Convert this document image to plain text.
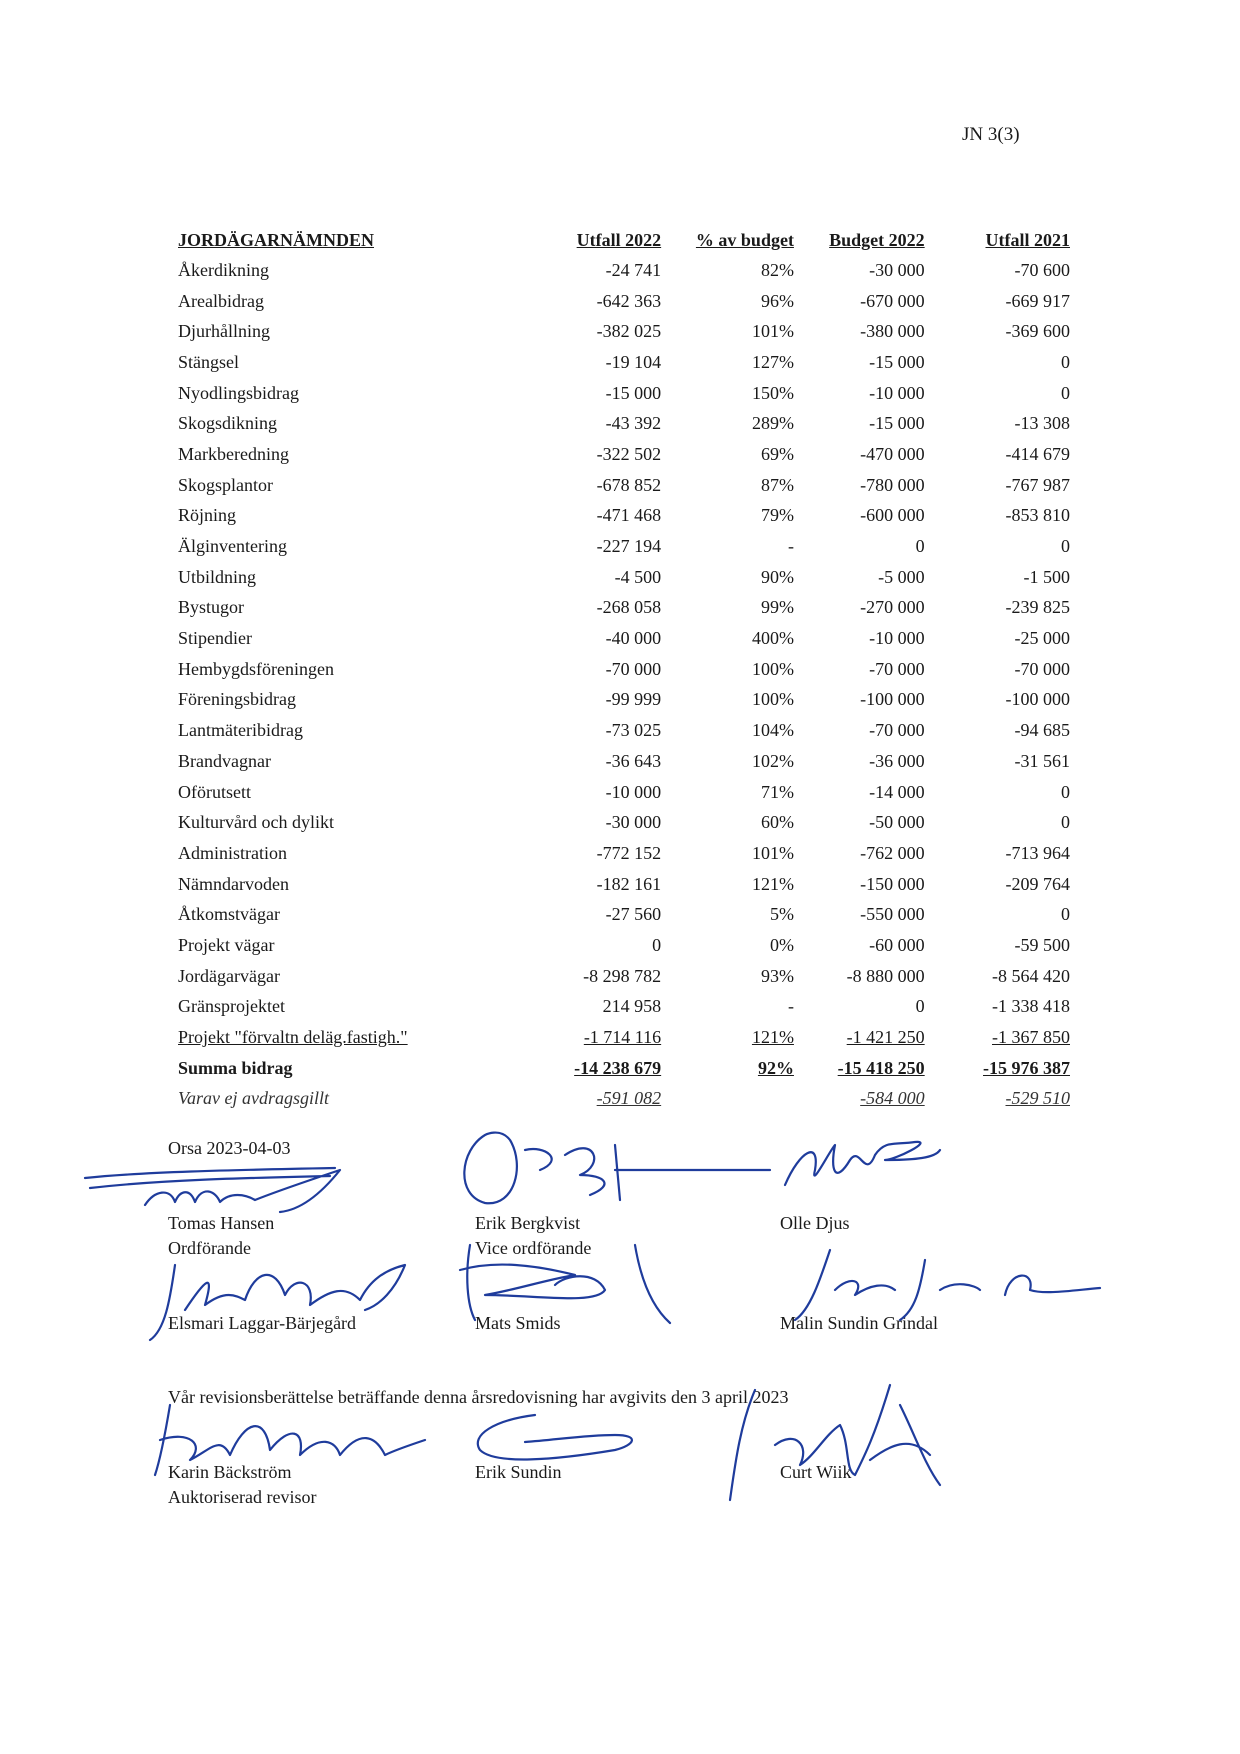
JN 3(3)
JORDÄGARNÄMNDEN	Utfall 2022	% av budget	Budget 2022	Utfall 2021
Åkerdikning	-24 741	82%	-30 000	-70 600
Arealbidrag	-642 363	96%	-670 000	-669 917
Djurhållning	-382 025	101%	-380 000	-369 600
Stängsel	-19 104	127%	-15 000	0
Nyodlingsbidrag	-15 000	150%	-10 000	0
Skogsdikning	-43 392	289%	-15 000	-13 308
Markberedning	-322 502	69%	-470 000	-414 679
Skogsplantor	-678 852	87%	-780 000	-767 987
Röjning	-471 468	79%	-600 000	-853 810
Älginventering	-227 194	-	0	0
Utbildning	-4 500	90%	-5 000	-1 500
Bystugor	-268 058	99%	-270 000	-239 825
Stipendier	-40 000	400%	-10 000	-25 000
Hembygdsföreningen	-70 000	100%	-70 000	-70 000
Föreningsbidrag	-99 999	100%	-100 000	-100 000
Lantmäteribidrag	-73 025	104%	-70 000	-94 685
Brandvagnar	-36 643	102%	-36 000	-31 561
Oförutsett	-10 000	71%	-14 000	0
Kulturvård och dylikt	-30 000	60%	-50 000	0
Administration	-772 152	101%	-762 000	-713 964
Nämndarvoden	-182 161	121%	-150 000	-209 764
Åtkomstvägar	-27 560	5%	-550 000	0
Projekt vägar	0	0%	-60 000	-59 500
Jordägarvägar	-8 298 782	93%	-8 880 000	-8 564 420
Gränsprojektet	214 958	-	0	-1 338 418
Projekt "förvaltn deläg.fastigh."	-1 714 116	121%	-1 421 250	-1 367 850
Summa bidrag	-14 238 679	92%	-15 418 250	-15 976 387
Varav ej avdragsgillt	-591 082		-584 000	-529 510
Orsa 2023-04-03
Tomas Hansen
Ordförande
Erik Bergkvist
Vice ordförande
Olle Djus
Elsmari Laggar-Bärjegård	Mats Smids	Malin Sundin Grindal
Vår revisionsberättelse beträffande denna årsredovisning har avgivits den 3 april 2023
Karin Bäckström
Auktoriserad revisor
Erik Sundin	Curt Wiik
